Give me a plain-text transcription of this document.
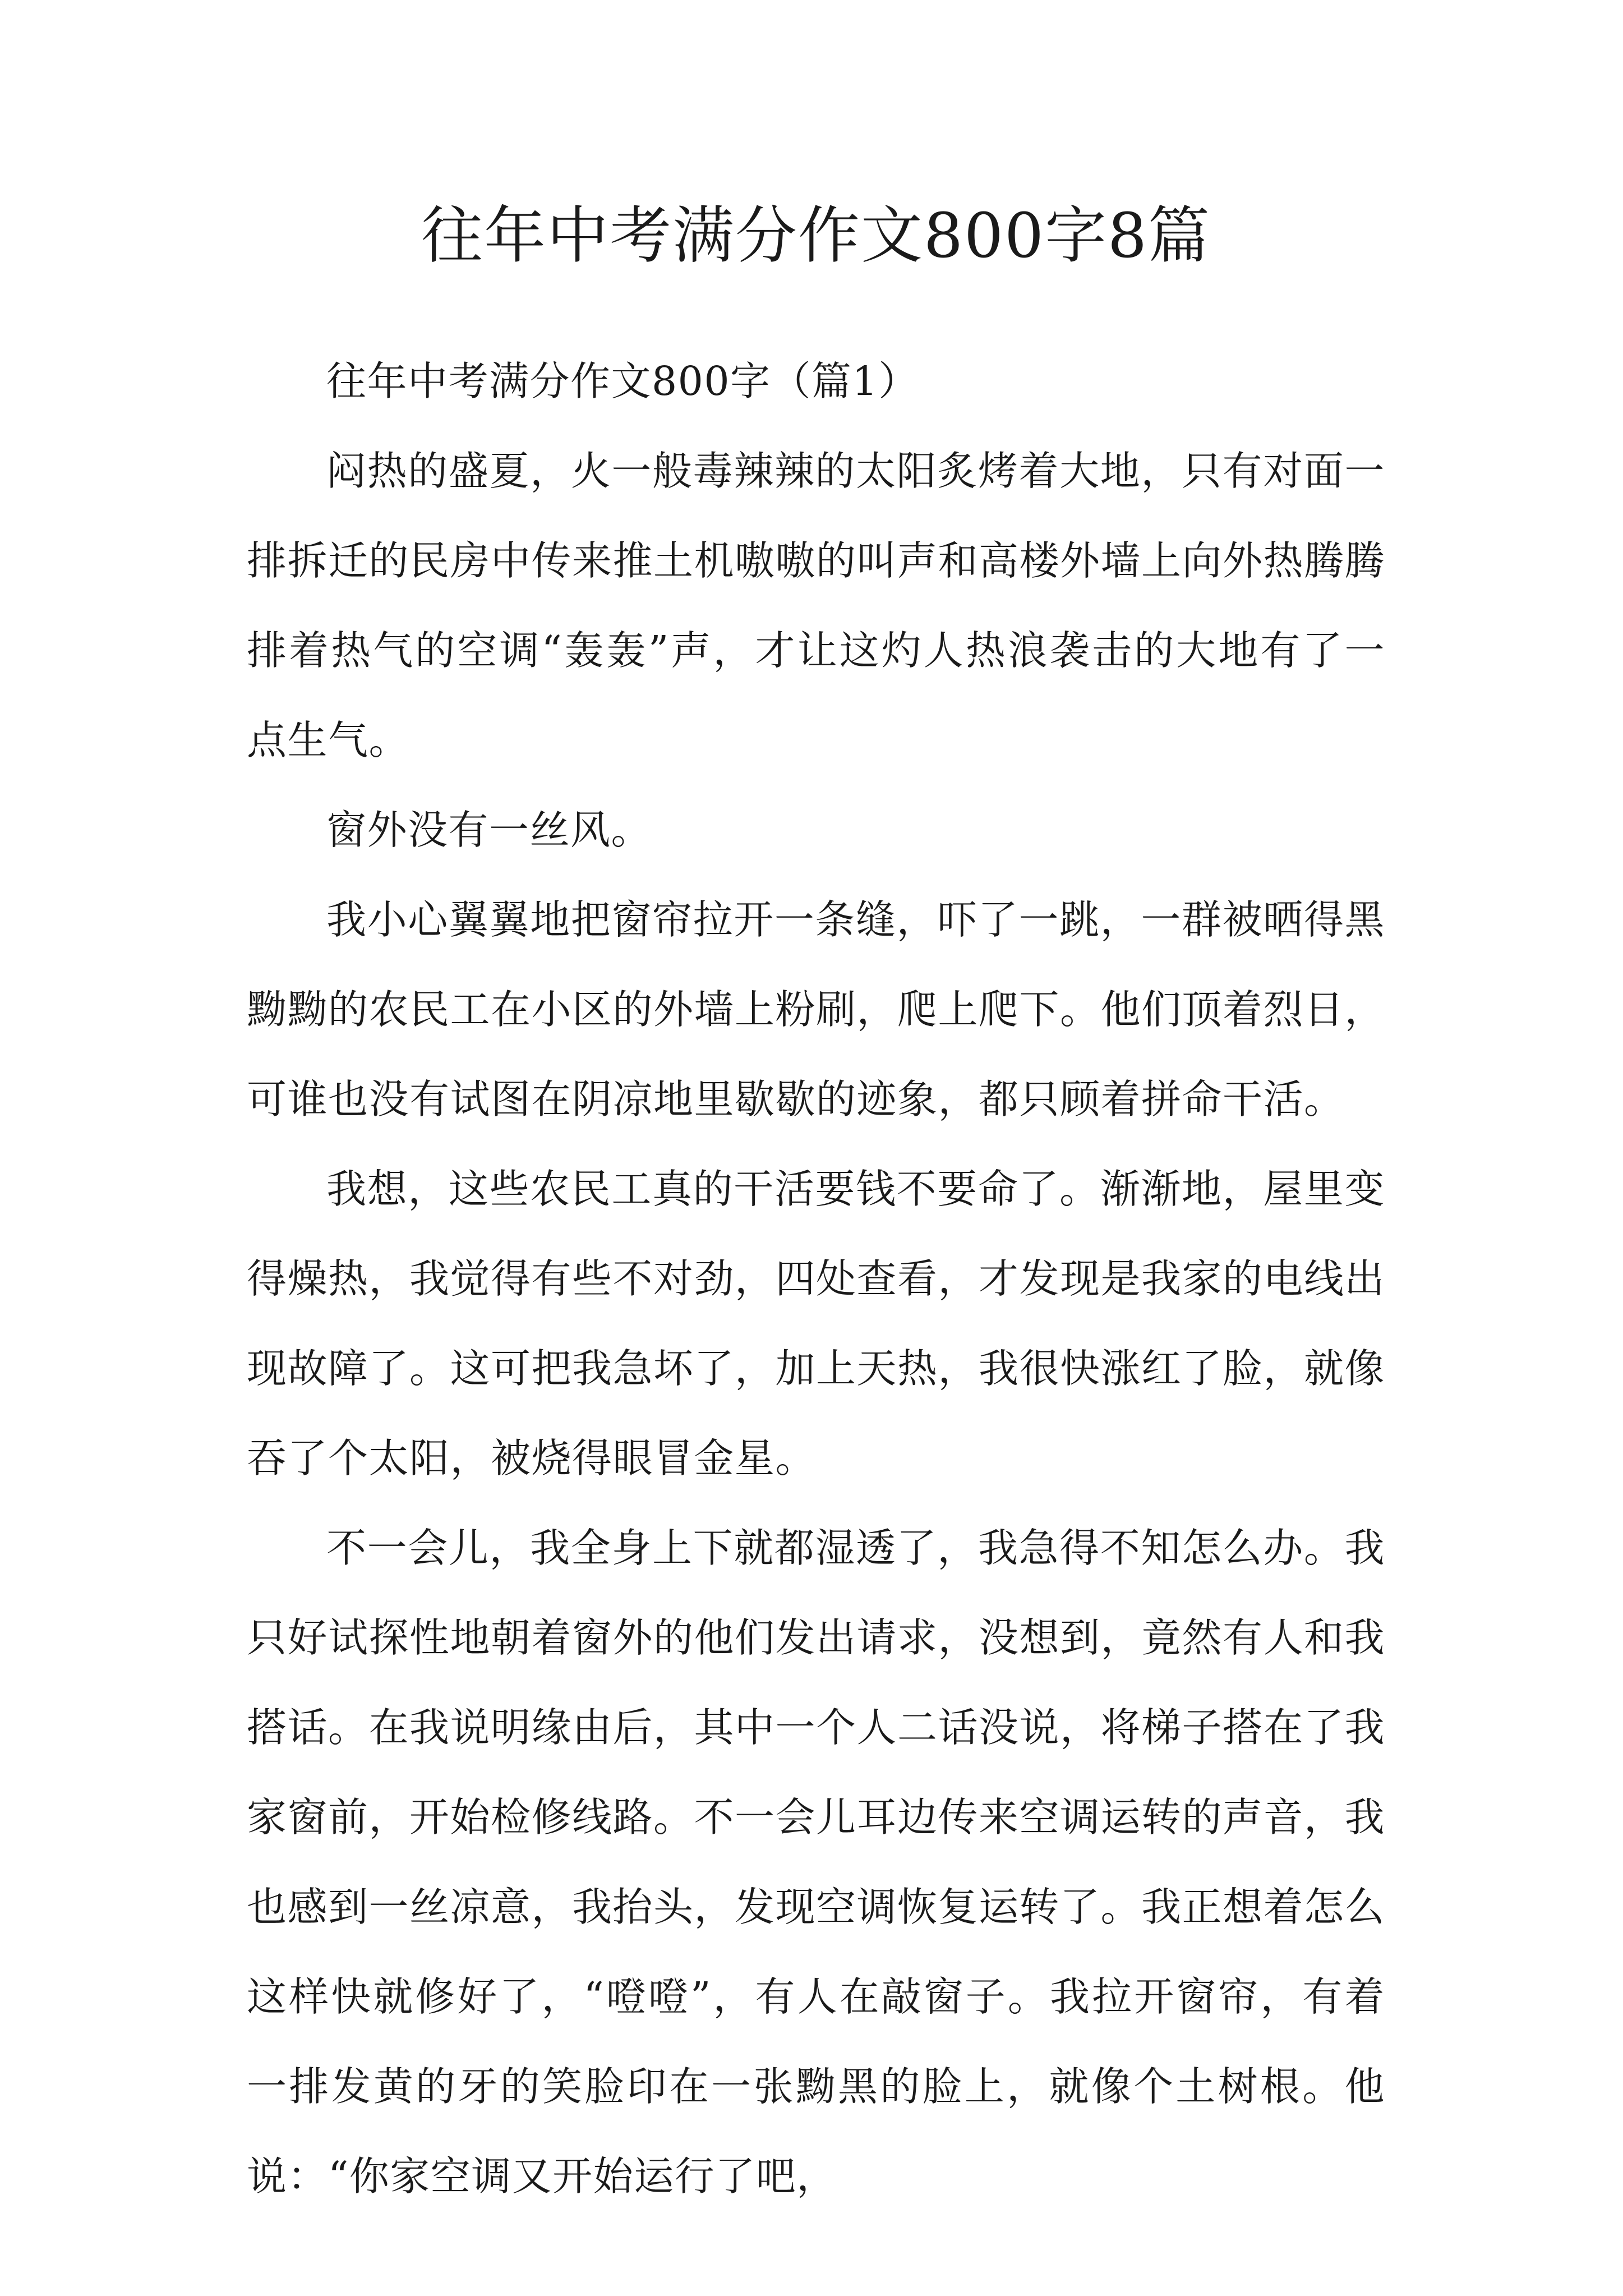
往年中考满分作文800字8篇

往年中考满分作文800字（篇1）

闷热的盛夏，火一般毒辣辣的太阳炙烤着大地，只有对面一排拆迁的民房中传来推土机嗷嗷的叫声和高楼外墙上向外热腾腾排着热气的空调“轰轰”声，才让这灼人热浪袭击的大地有了一点生气。

窗外没有一丝风。

我小心翼翼地把窗帘拉开一条缝，吓了一跳，一群被晒得黑黝黝的农民工在小区的外墙上粉刷，爬上爬下。他们顶着烈日，可谁也没有试图在阴凉地里歇歇的迹象，都只顾着拼命干活。

我想，这些农民工真的干活要钱不要命了。渐渐地，屋里变得燥热，我觉得有些不对劲，四处查看，才发现是我家的电线出现故障了。这可把我急坏了，加上天热，我很快涨红了脸，就像吞了个太阳，被烧得眼冒金星。

不一会儿，我全身上下就都湿透了，我急得不知怎么办。我只好试探性地朝着窗外的他们发出请求，没想到，竟然有人和我搭话。在我说明缘由后，其中一个人二话没说，将梯子搭在了我家窗前，开始检修线路。不一会儿耳边传来空调运转的声音，我也感到一丝凉意，我抬头，发现空调恢复运转了。我正想着怎么这样快就修好了，“噔噔”，有人在敲窗子。我拉开窗帘，有着一排发黄的牙的笑脸印在一张黝黑的脸上，就像个土树根。他说：“你家空调又开始运行了吧，
